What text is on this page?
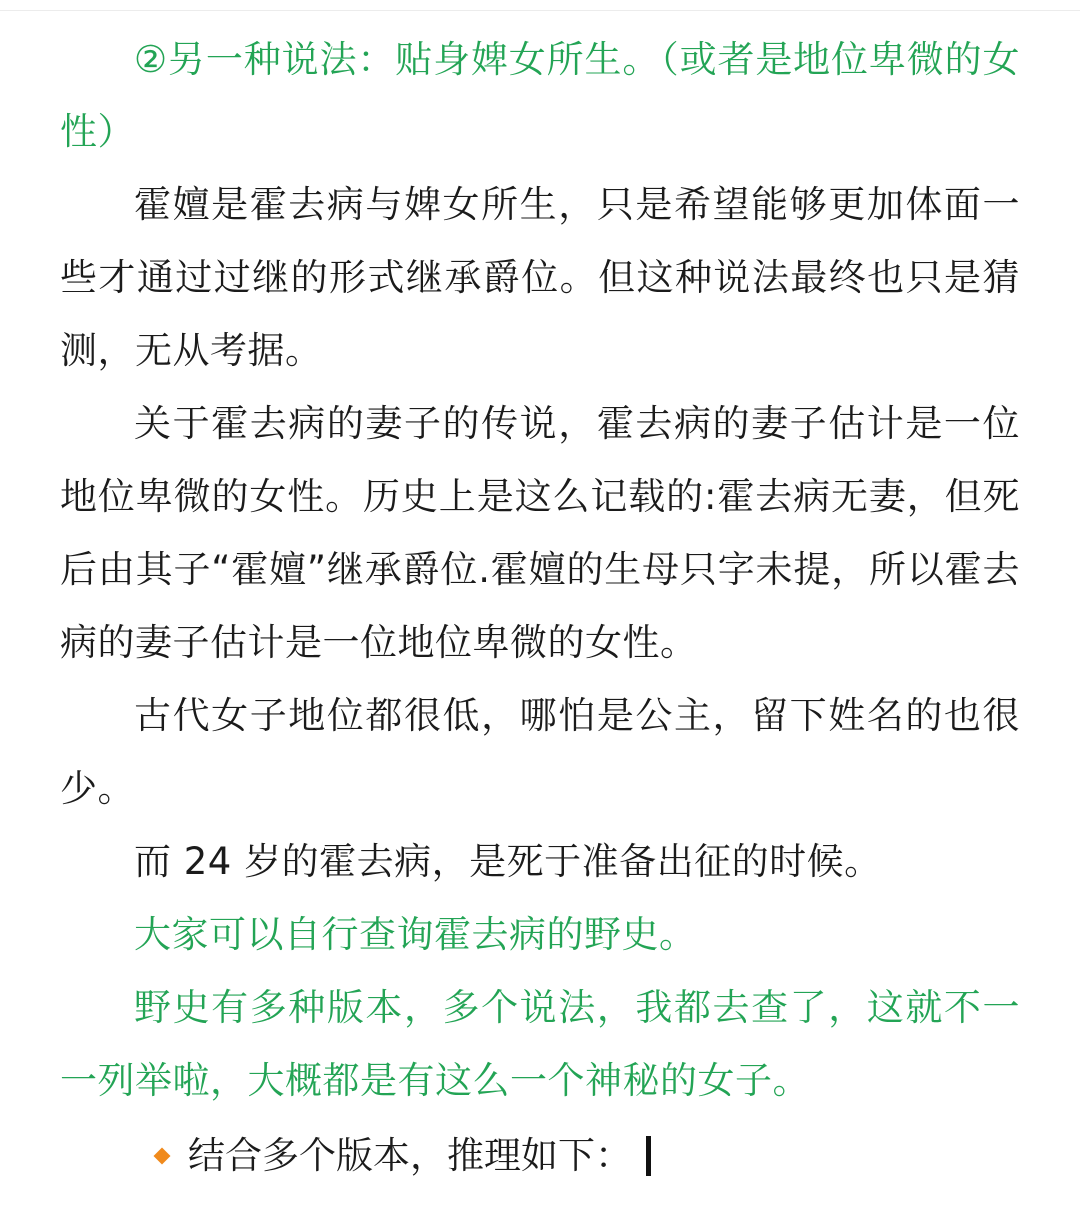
②另一种说法：贴身婢女所生。（或者是地位卑微的女性）

霍嬗是霍去病与婢女所生，只是希望能够更加体面一些才通过过继的形式继承爵位。但这种说法最终也只是猜测，无从考据。

关于霍去病的妻子的传说，霍去病的妻子估计是一位地位卑微的女性。历史上是这么记载的:霍去病无妻，但死后由其子“霍嬗”继承爵位.霍嬗的生母只字未提，所以霍去病的妻子估计是一位地位卑微的女性。

古代女子地位都很低，哪怕是公主，留下姓名的也很少。

而 24 岁的霍去病，是死于准备出征的时候。

大家可以自行查询霍去病的野史。

野史有多种版本，多个说法，我都去查了，这就不一一列举啦，大概都是有这么一个神秘的女子。

结合多个版本，推理如下：
